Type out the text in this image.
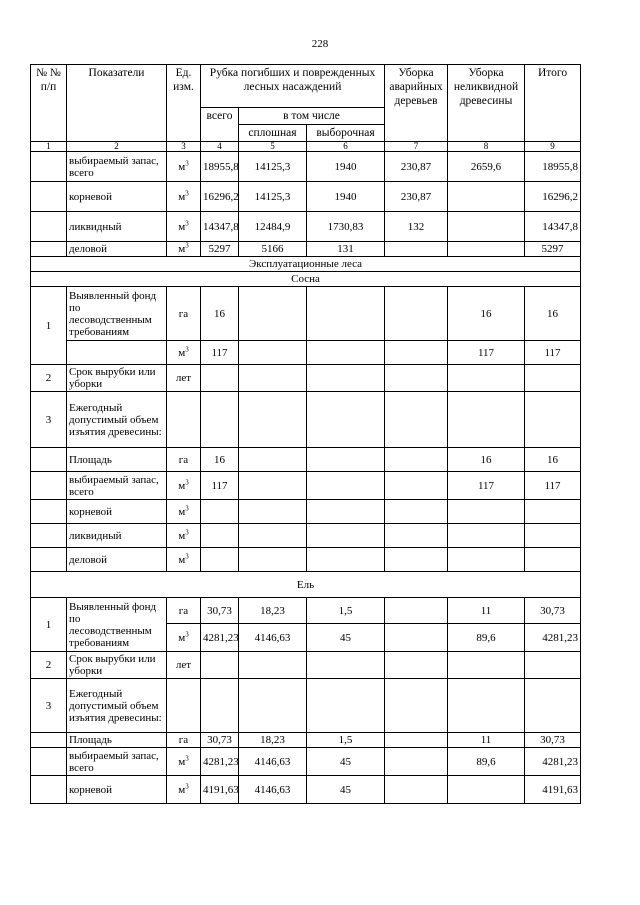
228
№ № п/п	Показатели	Ед. изм.	Рубка погибших и поврежденных лесных насаждений			Уборка аварийных деревьев	Уборка неликвидной древесины	Итого
			всего	в том числе				
				сплошная	выборочная			
1	2	3	4	5	6	7	8	9
	выбираемый запас, всего	$м^3$	18955,8	14125,3	1940	230,87	2659,6	18955,8
	корневой	$м^3$	16296,2	14125,3	1940	230,87		16296,2
	ликвидный	$м^3$	14347,8	12484,9	1730,83	132		14347,8
	деловой	$м^3$	5297	5166	131			5297
Эксплуатационные леса								
Сосна								
1	Выявленный фонд по лесоводственным требованиям	га	16				16	16
		$м^3$	117				117	117
2	Срок вырубки или уборки	лет						
3	Ежегодный допустимый объем изъятия древесины:							
	Площадь	га	16				16	16
	выбираемый запас, всего	$м^3$	117				117	117
	корневой	$м^3$						
	ликвидный	$м^3$						
	деловой	$м^3$						
Ель								
1	Выявленный фонд по лесоводственным требованиям	га	30,73	18,23	1,5		11	30,73
		$м^3$	4281,23	4146,63	45		89,6	4281,23
2	Срок вырубки или уборки	лет						
3	Ежегодный допустимый объем изъятия древесины:							
	Площадь	га	30,73	18,23	1,5		11	30,73
	выбираемый запас, всего	$м^3$	4281,23	4146,63	45		89,6	4281,23
	корневой	$м^3$	4191,63	4146,63	45			4191,63
